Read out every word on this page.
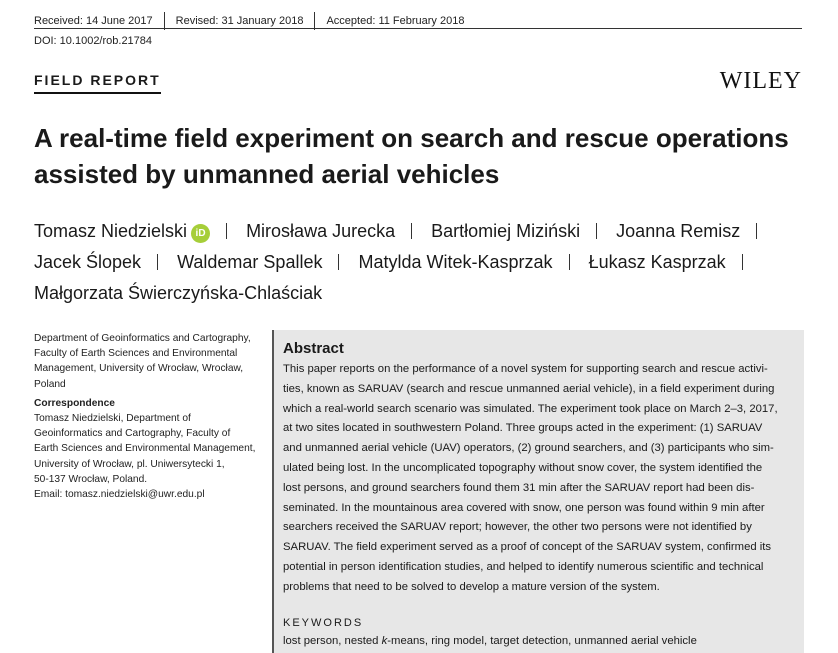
Received: 14 June 2017	Revised: 31 January 2018	Accepted: 11 February 2018
DOI: 10.1002/rob.21784
FIELD REPORT	WILEY
A real-time field experiment on search and rescue operations assisted by unmanned aerial vehicles
Tomasz Niedzielski iD Mirosława Jurecka Bartłomiej Miziński Joanna Remisz
Jacek Ślopek Waldemar Spallek Matylda Witek-Kasprzak Łukasz Kasprzak
Małgorzata Świerczyńska-Chlaściak
Department of Geoinformatics and Cartography,
Faculty of Earth Sciences and Environmental
Management, University of Wrocław, Wrocław,
Poland
Correspondence
Tomasz Niedzielski, Department of
Geoinformatics and Cartography, Faculty of
Earth Sciences and Environmental Management,
University of Wrocław, pl. Uniwersytecki 1,
50-137 Wrocław, Poland.
Email: tomasz.niedzielski@uwr.edu.pl
Abstract
This paper reports on the performance of a novel system for supporting search and rescue activi-
ties, known as SARUAV (search and rescue unmanned aerial vehicle), in a field experiment during
which a real-world search scenario was simulated. The experiment took place on March 2–3, 2017,
at two sites located in southwestern Poland. Three groups acted in the experiment: (1) SARUAV
and unmanned aerial vehicle (UAV) operators, (2) ground searchers, and (3) participants who sim-
ulated being lost. In the uncomplicated topography without snow cover, the system identified the
lost persons, and ground searchers found them 31 min after the SARUAV report had been dis-
seminated. In the mountainous area covered with snow, one person was found within 9 min after
searchers received the SARUAV report; however, the other two persons were not identified by
SARUAV. The field experiment served as a proof of concept of the SARUAV system, confirmed its
potential in person identification studies, and helped to identify numerous scientific and technical
problems that need to be solved to develop a mature version of the system.
KEYWORDS
lost person, nested k-means, ring model, target detection, unmanned aerial vehicle
